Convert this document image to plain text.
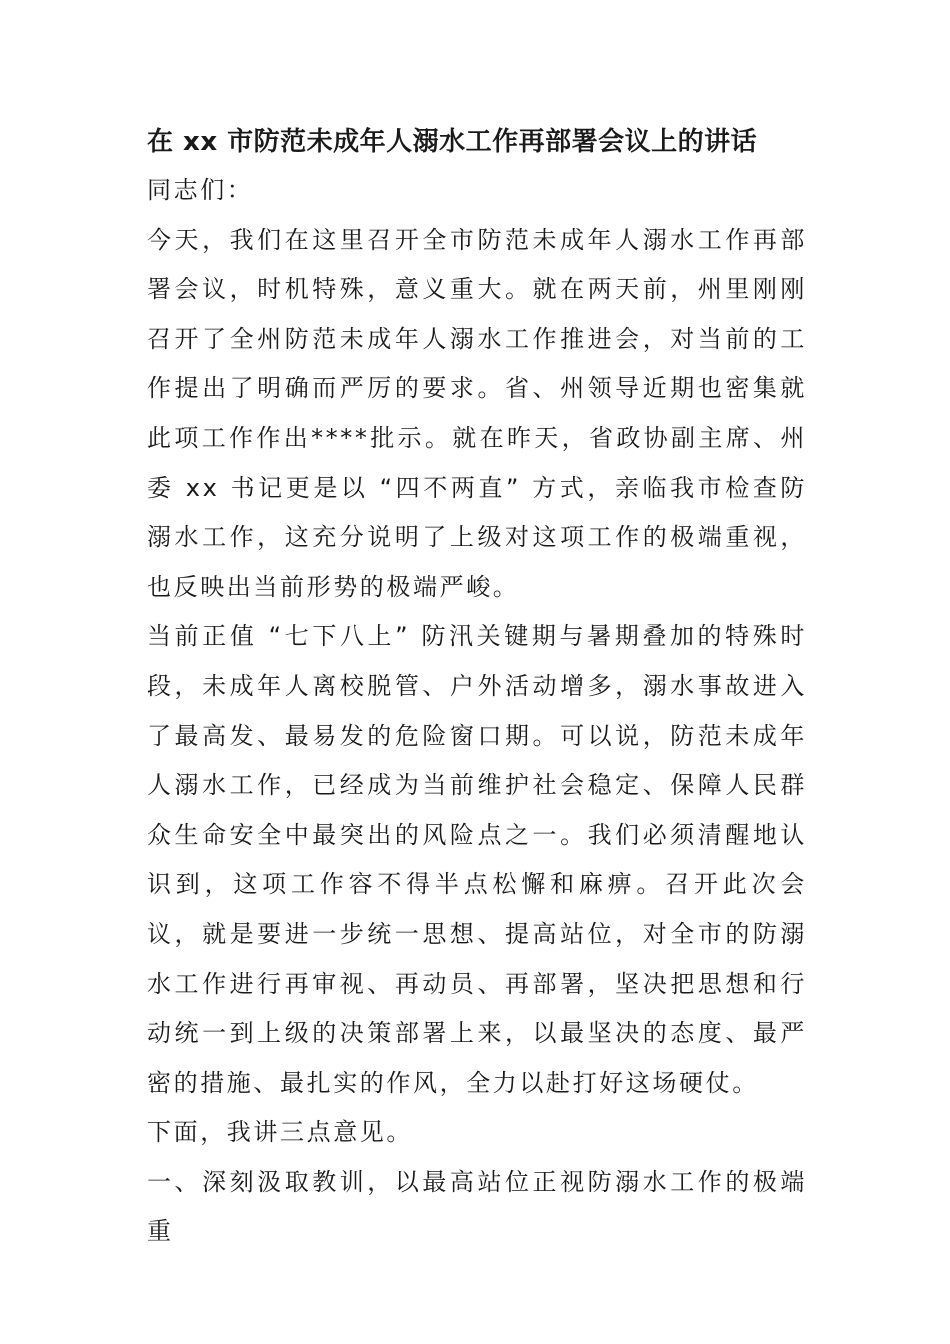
在 xx 市防范未成年人溺水工作再部署会议上的讲话

同志们：

今天，我们在这里召开全市防范未成年人溺水工作再部署会议，时机特殊，意义重大。就在两天前，州里刚刚召开了全州防范未成年人溺水工作推进会，对当前的工作提出了明确而严厉的要求。省、州领导近期也密集就此项工作作出****批示。就在昨天，省政协副主席、州委 xx 书记更是以 “四不两直” 方式，亲临我市检查防溺水工作，这充分说明了上级对这项工作的极端重视，也反映出当前形势的极端严峻。

当前正值 “七下八上” 防汛关键期与暑期叠加的特殊时段，未成年人离校脱管、户外活动增多，溺水事故进入了最高发、最易发的危险窗口期。可以说，防范未成年人溺水工作，已经成为当前维护社会稳定、保障人民群众生命安全中最突出的风险点之一。我们必须清醒地认识到，这项工作容不得半点松懈和麻痹。召开此次会议，就是要进一步统一思想、提高站位，对全市的防溺水工作进行再审视、再动员、再部署，坚决把思想和行动统一到上级的决策部署上来，以最坚决的态度、最严密的措施、最扎实的作风，全力以赴打好这场硬仗。

下面，我讲三点意见。

一、深刻汲取教训，以最高站位正视防溺水工作的极端重
